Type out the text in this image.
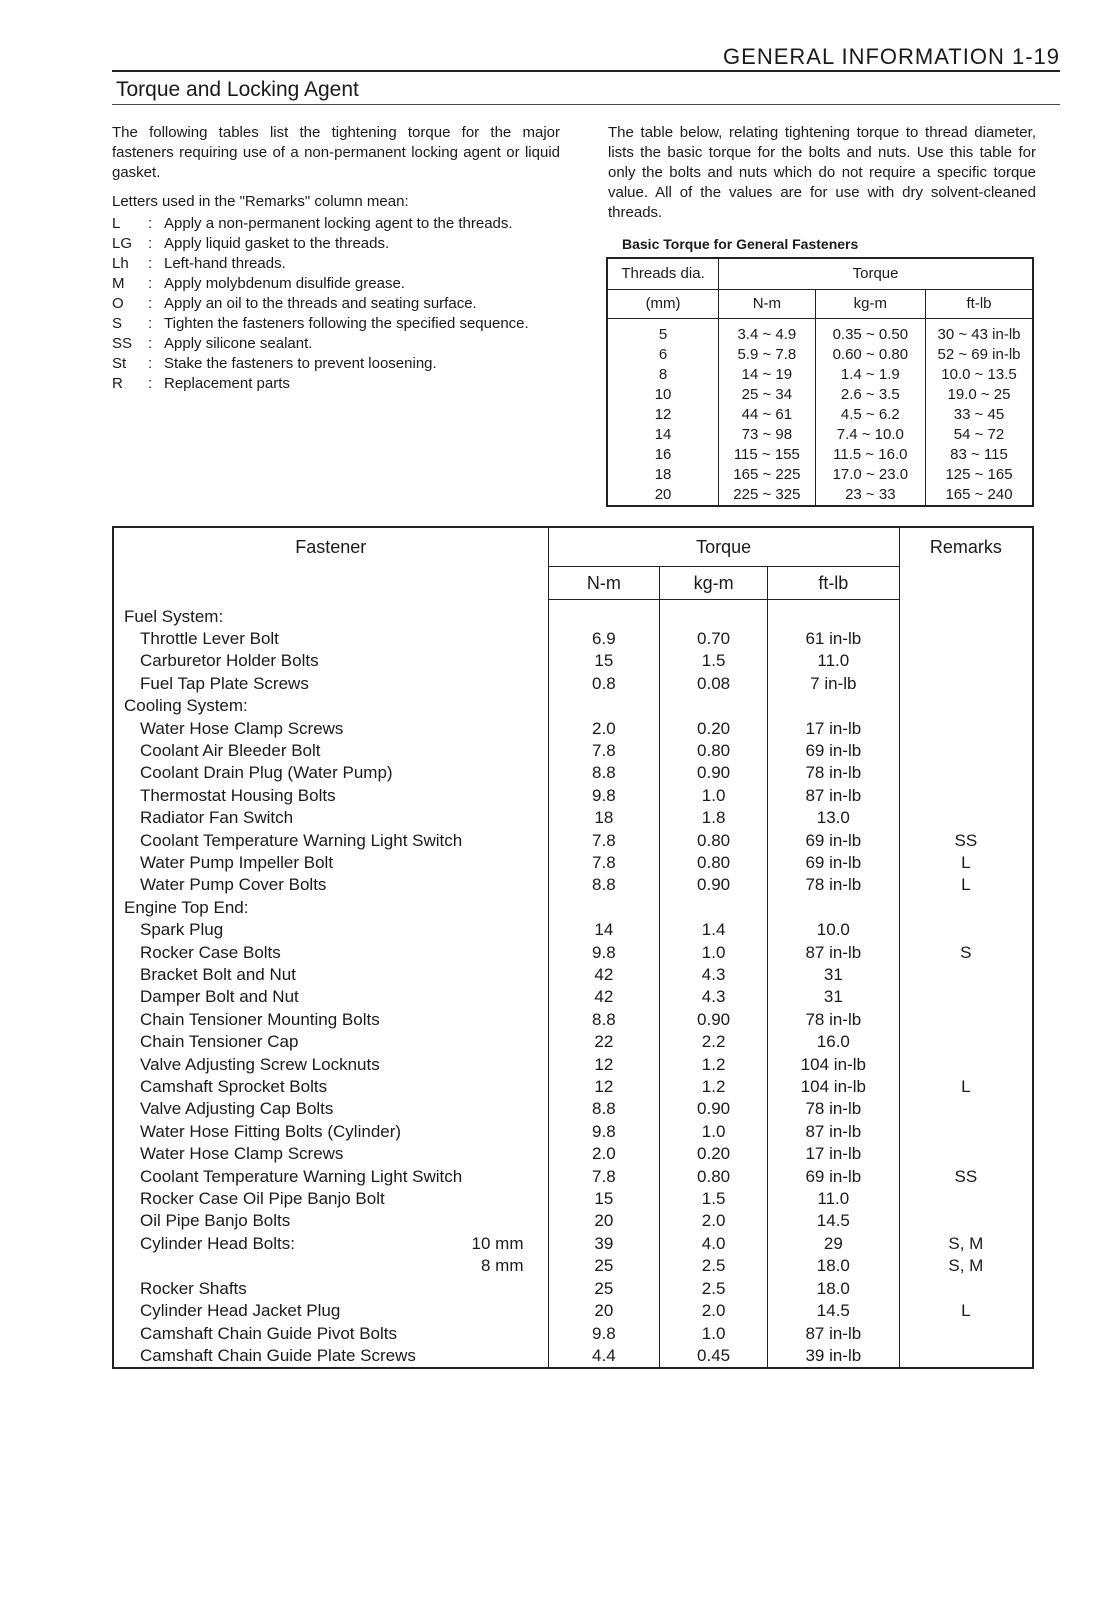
GENERAL INFORMATION 1-19
Torque and Locking Agent

The following tables list the tightening torque for the major fasteners requiring use of a non-permanent locking agent or liquid gasket.

Letters used in the "Remarks" column mean:

L	: Apply a non-permanent locking agent to the threads.
LG	: Apply liquid gasket to the threads.
Lh	: Left-hand threads.
M	: Apply molybdenum disulfide grease.
O	: Apply an oil to the threads and seating surface.
S	: Tighten the fasteners following the specified sequence.
SS	: Apply silicone sealant.
St	: Stake the fasteners to prevent loosening.
R	: Replacement parts

The table below, relating tightening torque to thread diameter, lists the basic torque for the bolts and nuts. Use this table for only the bolts and nuts which do not require a specific torque value. All of the values are for use with dry solvent-cleaned threads.

Basic Torque for General Fasteners
Threads dia.	Torque		
(mm)	N-m	kg-m	ft-lb
5	3.4 ~ 4.9	0.35 ~ 0.50	30 ~ 43 in-lb
6	5.9 ~ 7.8	0.60 ~ 0.80	52 ~ 69 in-lb
8	14 ~ 19	1.4 ~ 1.9	10.0 ~ 13.5
10	25 ~ 34	2.6 ~ 3.5	19.0 ~ 25
12	44 ~ 61	4.5 ~ 6.2	33 ~ 45
14	73 ~ 98	7.4 ~ 10.0	54 ~ 72
16	115 ~ 155	11.5 ~ 16.0	83 ~ 115
18	165 ~ 225	17.0 ~ 23.0	125 ~ 165
20	225 ~ 325	23 ~ 33	165 ~ 240
Fastener	Torque			Remarks
	N-m	kg-m	ft-lb	
Fuel System:				
Throttle Lever Bolt	6.9	0.70	61 in-lb	
Carburetor Holder Bolts	15	1.5	11.0	
Fuel Tap Plate Screws	0.8	0.08	7 in-lb	
Cooling System:				
Water Hose Clamp Screws	2.0	0.20	17 in-lb	
Coolant Air Bleeder Bolt	7.8	0.80	69 in-lb	
Coolant Drain Plug (Water Pump)	8.8	0.90	78 in-lb	
Thermostat Housing Bolts	9.8	1.0	87 in-lb	
Radiator Fan Switch	18	1.8	13.0	
Coolant Temperature Warning Light Switch	7.8	0.80	69 in-lb	SS
Water Pump Impeller Bolt	7.8	0.80	69 in-lb	L
Water Pump Cover Bolts	8.8	0.90	78 in-lb	L
Engine Top End:				
Spark Plug	14	1.4	10.0	
Rocker Case Bolts	9.8	1.0	87 in-lb	S
Bracket Bolt and Nut	42	4.3	31	
Damper Bolt and Nut	42	4.3	31	
Chain Tensioner Mounting Bolts	8.8	0.90	78 in-lb	
Chain Tensioner Cap	22	2.2	16.0	
Valve Adjusting Screw Locknuts	12	1.2	104 in-lb	
Camshaft Sprocket Bolts	12	1.2	104 in-lb	L
Valve Adjusting Cap Bolts	8.8	0.90	78 in-lb	
Water Hose Fitting Bolts (Cylinder)	9.8	1.0	87 in-lb	
Water Hose Clamp Screws	2.0	0.20	17 in-lb	
Coolant Temperature Warning Light Switch	7.8	0.80	69 in-lb	SS
Rocker Case Oil Pipe Banjo Bolt	15	1.5	11.0	
Oil Pipe Banjo Bolts	20	2.0	14.5	
Cylinder Head Bolts: 10 mm	39	4.0	29	S, M

8 mm	25	2.5	18.0	S, M
Rocker Shafts	25	2.5	18.0	
Cylinder Head Jacket Plug	20	2.0	14.5	L
Camshaft Chain Guide Pivot Bolts	9.8	1.0	87 in-lb	
Camshaft Chain Guide Plate Screws	4.4	0.45	39 in-lb	
